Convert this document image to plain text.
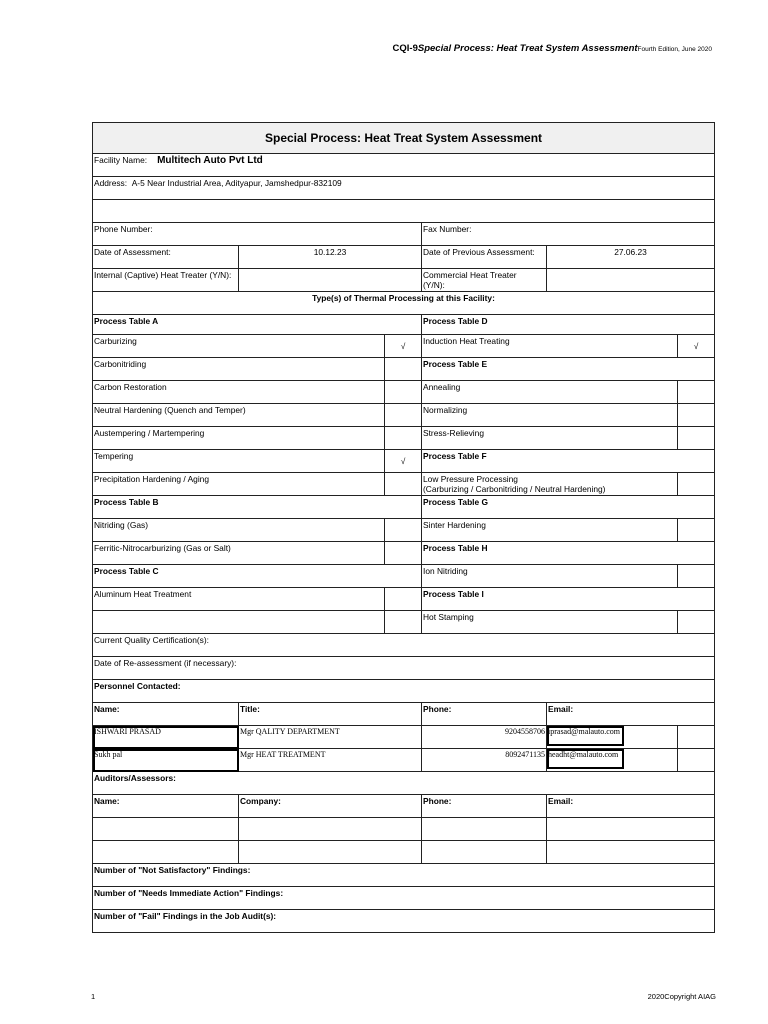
CQI-9Special Process: Heat Treat System AssessmentFourth Edition, June 2020
Special Process: Heat Treat System Assessment					
Facility Name: Multitech Auto Pvt Ltd					
Address: A-5 Near Industrial Area, Adityapur, Jamshedpur-832109					

Phone Number:			Fax Number:		
Date of Assessment:	10.12.23		Date of Previous Assessment:	27.06.23	
Internal (Captive) Heat Treater (Y/N):			Commercial Heat Treater
(Y/N):		
Type(s) of Thermal Processing at this Facility:					
Process Table A			Process Table D		
Carburizing		√	Induction Heat Treating		√
Carbonitriding			Process Table E		
Carbon Restoration			Annealing		
Neutral Hardening (Quench and Temper)			Normalizing		
Austempering / Martempering			Stress-Relieving		
Tempering		√	Process Table F		
Precipitation Hardening / Aging			Low Pressure Processing
(Carburizing / Carbonitriding / Neutral Hardening)		
Process Table B			Process Table G		
Nitriding (Gas)			Sinter Hardening		
Ferritic-Nitrocarburizing (Gas or Salt)			Process Table H		
Process Table C			Ion Nitriding		
Aluminum Heat Treatment			Process Table I		
			Hot Stamping		
Current Quality Certification(s):					
Date of Re-assessment (if necessary):					
Personnel Contacted:					
Name:	Title:		Phone:	Email:	
ISHWARI PRASAD	Mgr QALITY DEPARTMENT		9204558706	iprasad@malauto.com	

Sukh pal	Mgr HEAT TREATMENT		8092471135	headht@malauto.com	

Auditors/Assessors:					
Name:	Company:		Phone:	Email:	

Number of "Not Satisfactory" Findings:					
Number of "Needs Immediate Action" Findings:					
Number of "Fail" Findings in the Job Audit(s):					
1	2020Copyright AIAG
